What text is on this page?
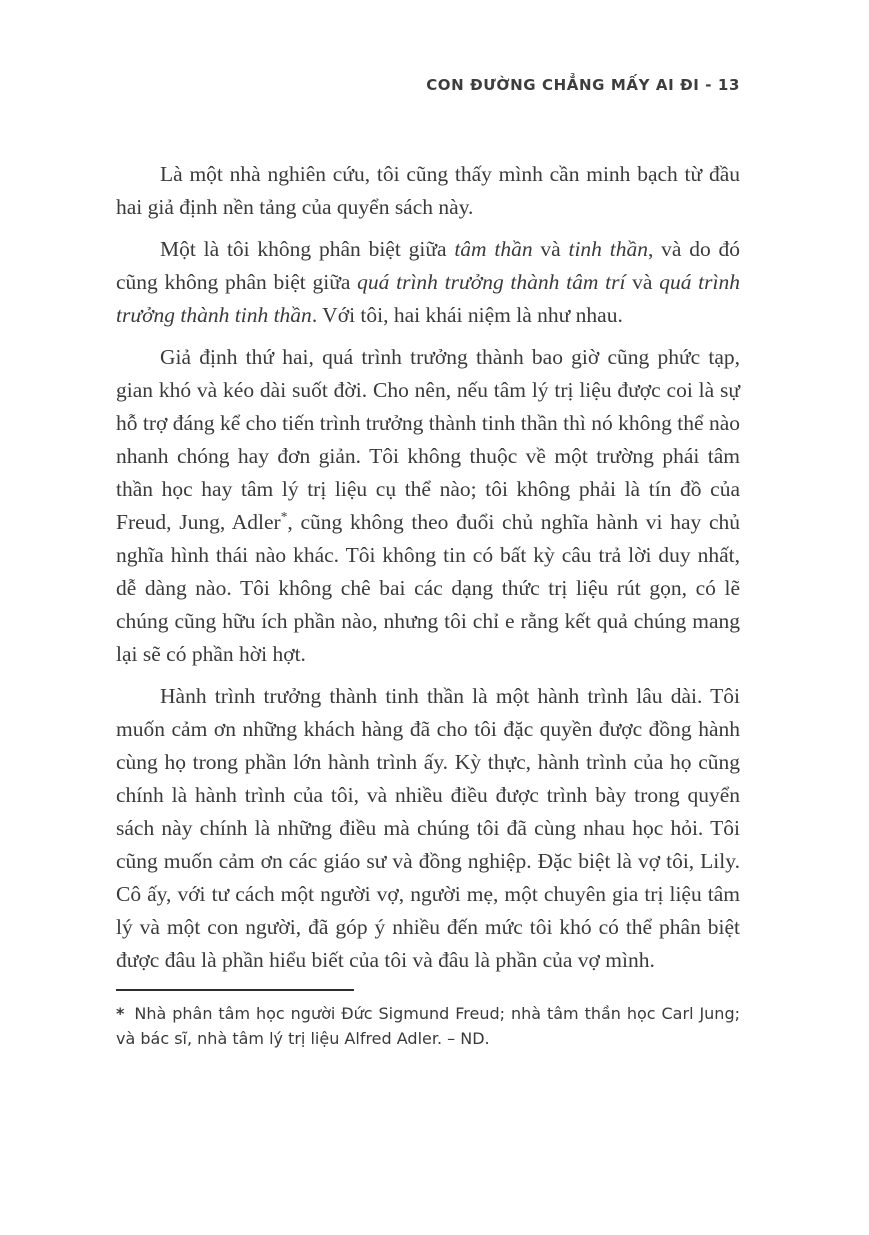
CON ĐƯỜNG CHẲNG MẤY AI ĐI - 13

Là một nhà nghiên cứu, tôi cũng thấy mình cần minh bạch từ đầu hai giả định nền tảng của quyển sách này.

Một là tôi không phân biệt giữa tâm thần và tinh thần, và do đó cũng không phân biệt giữa quá trình trưởng thành tâm trí và quá trình trưởng thành tinh thần. Với tôi, hai khái niệm là như nhau.

Giả định thứ hai, quá trình trưởng thành bao giờ cũng phức tạp, gian khó và kéo dài suốt đời. Cho nên, nếu tâm lý trị liệu được coi là sự hỗ trợ đáng kể cho tiến trình trưởng thành tinh thần thì nó không thể nào nhanh chóng hay đơn giản. Tôi không thuộc về một trường phái tâm thần học hay tâm lý trị liệu cụ thể nào; tôi không phải là tín đồ của Freud, Jung, Adler*, cũng không theo đuổi chủ nghĩa hành vi hay chủ nghĩa hình thái nào khác. Tôi không tin có bất kỳ câu trả lời duy nhất, dễ dàng nào. Tôi không chê bai các dạng thức trị liệu rút gọn, có lẽ chúng cũng hữu ích phần nào, nhưng tôi chỉ e rằng kết quả chúng mang lại sẽ có phần hời hợt.

Hành trình trưởng thành tinh thần là một hành trình lâu dài. Tôi muốn cảm ơn những khách hàng đã cho tôi đặc quyền được đồng hành cùng họ trong phần lớn hành trình ấy. Kỳ thực, hành trình của họ cũng chính là hành trình của tôi, và nhiều điều được trình bày trong quyển sách này chính là những điều mà chúng tôi đã cùng nhau học hỏi. Tôi cũng muốn cảm ơn các giáo sư và đồng nghiệp. Đặc biệt là vợ tôi, Lily. Cô ấy, với tư cách một người vợ, người mẹ, một chuyên gia trị liệu tâm lý và một con người, đã góp ý nhiều đến mức tôi khó có thể phân biệt được đâu là phần hiểu biết của tôi và đâu là phần của vợ mình.

* Nhà phân tâm học người Đức Sigmund Freud; nhà tâm thần học Carl Jung; và bác sĩ, nhà tâm lý trị liệu Alfred Adler. – ND.
